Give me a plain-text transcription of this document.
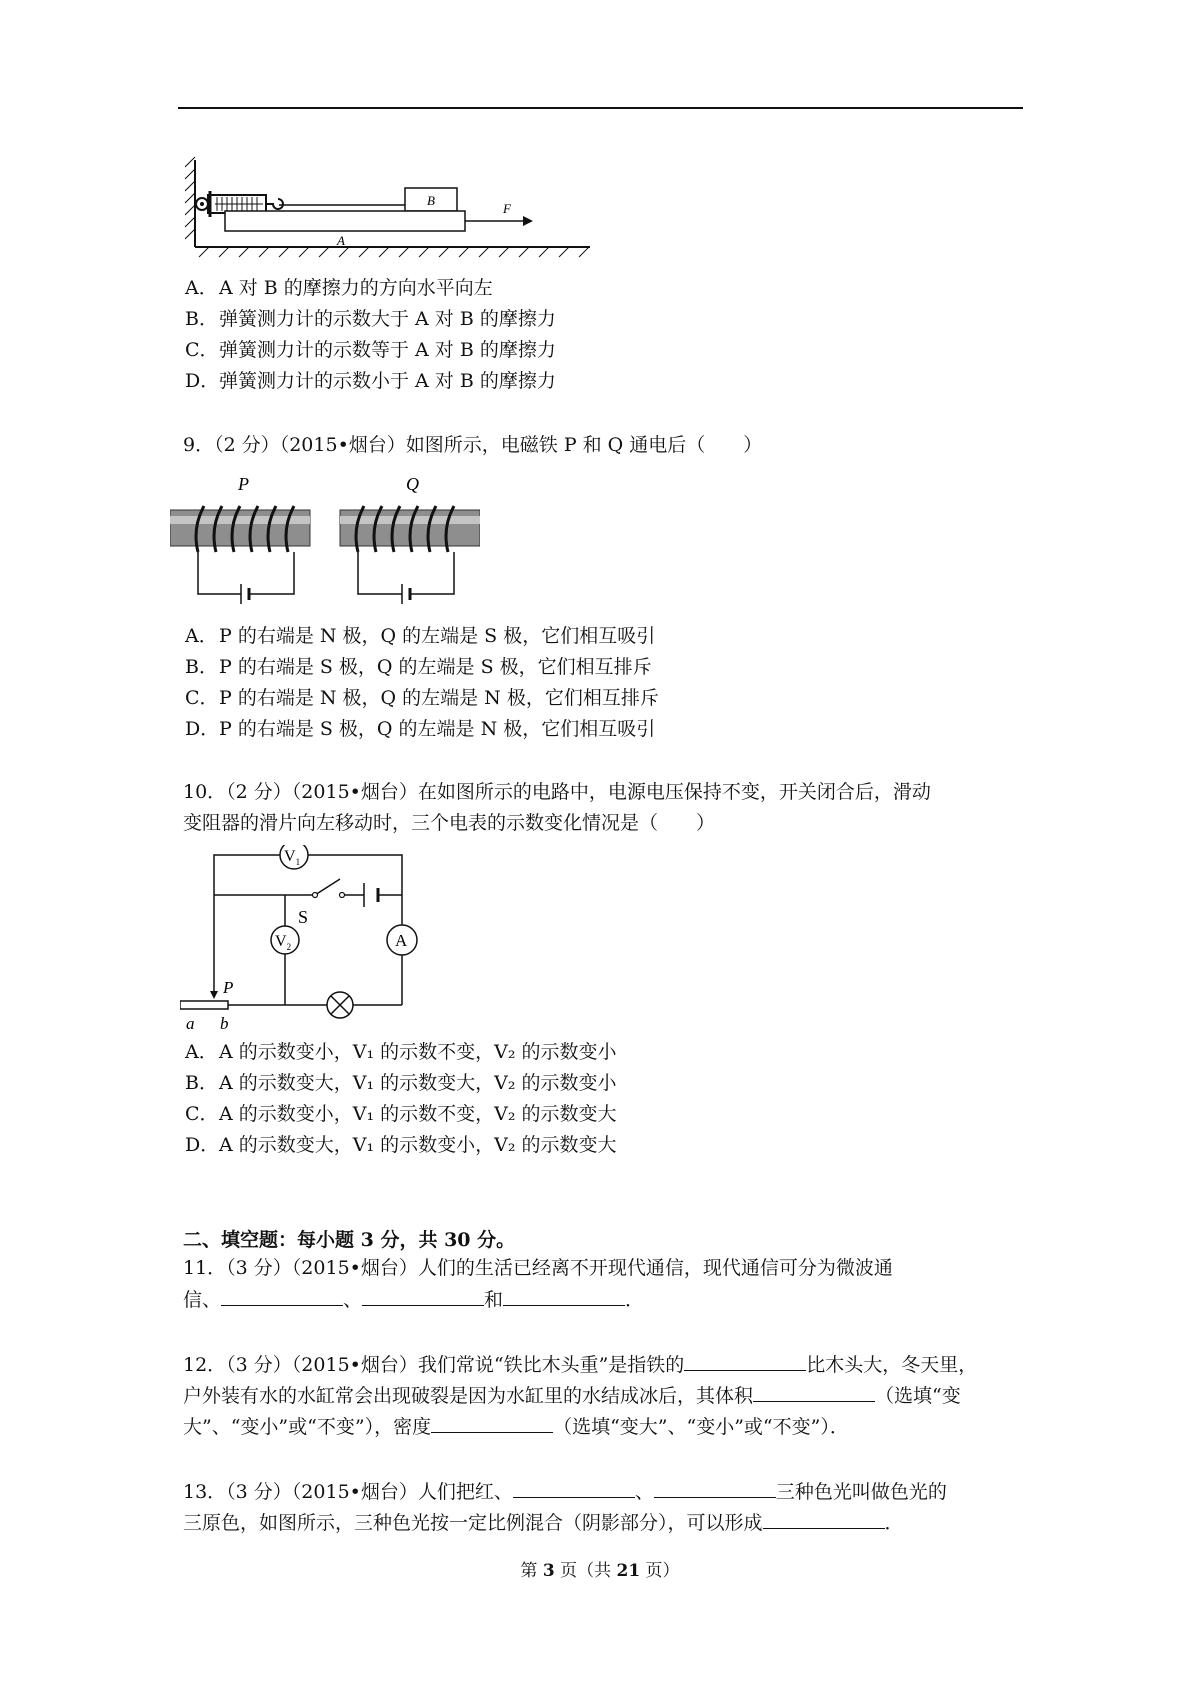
B
A
F
A．A 对 B 的摩擦力的方向水平向左
B．弹簧测力计的示数大于 A 对 B 的摩擦力
C．弹簧测力计的示数等于 A 对 B 的摩擦力
D．弹簧测力计的示数小于 A 对 B 的摩擦力
9．（2 分）（2015•烟台）如图所示，电磁铁 P 和 Q 通电后（　　）
P	Q
A．P 的右端是 N 极，Q 的左端是 S 极，它们相互吸引
B．P 的右端是 S 极，Q 的左端是 S 极，它们相互排斥
C．P 的右端是 N 极，Q 的左端是 N 极，它们相互排斥
D．P 的右端是 S 极，Q 的左端是 N 极，它们相互吸引
10．（2 分）（2015•烟台）在如图所示的电路中，电源电压保持不变，开关闭合后，滑动
变阻器的滑片向左移动时，三个电表的示数变化情况是（　　）
$V_1$
$V_2$	A
S
P
a b
A．A 的示数变小，V₁ 的示数不变，V₂ 的示数变小
B．A 的示数变大，V₁ 的示数变大，V₂ 的示数变小
C．A 的示数变小，V₁ 的示数不变，V₂ 的示数变大
D．A 的示数变大，V₁ 的示数变小，V₂ 的示数变大
二、填空题：每小题 3 分，共 30 分。
11．（3 分）（2015•烟台）人们的生活已经离不开现代通信，现代通信可分为微波通
信、	、	和	．
12．（3 分）（2015•烟台）我们常说“铁比木头重”是指铁的	比木头大，冬天里，
户外装有水的水缸常会出现破裂是因为水缸里的水结成冰后，其体积	（选填“变
大”、“变小”或“不变”），密度	（选填“变大”、“变小”或“不变”）．
13．（3 分）（2015•烟台）人们把红、	、	三种色光叫做色光的
三原色，如图所示，三种色光按一定比例混合（阴影部分），可以形成	．
第 3 页（共 21 页）
